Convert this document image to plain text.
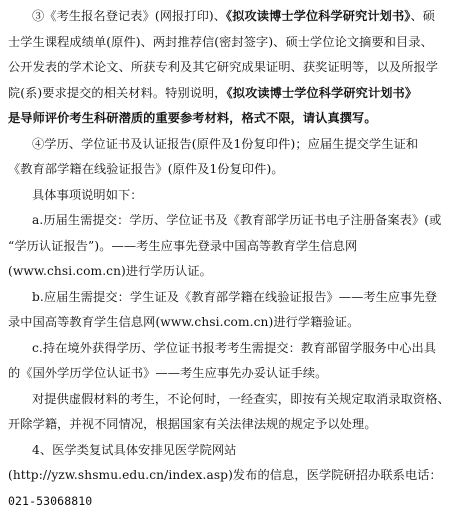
③《考生报名登记表》(网报打印)、《拟攻读博士学位科学研究计划书》、硕
士学生课程成绩单(原件)、两封推荐信(密封签字)、硕士学位论文摘要和目录、
公开发表的学术论文、所获专利及其它研究成果证明、获奖证明等，以及所报学
院(系)要求提交的相关材料。特别说明，《拟攻读博士学位科学研究计划书》
是导师评价考生科研潜质的重要参考材料，格式不限，请认真撰写。
④学历、学位证书及认证报告(原件及1份复印件)；应届生提交学生证和
《教育部学籍在线验证报告》(原件及1份复印件)。
具体事项说明如下：
a.历届生需提交：学历、学位证书及《教育部学历证书电子注册备案表》(或
“学历认证报告”)。——考生应事先登录中国高等教育学生信息网
(www.chsi.com.cn)进行学历认证。
b.应届生需提交：学生证及《教育部学籍在线验证报告》——考生应事先登
录中国高等教育学生信息网(www.chsi.com.cn)进行学籍验证。
c.持在境外获得学历、学位证书报考考生需提交：教育部留学服务中心出具
的《国外学历学位认证书》——考生应事先办妥认证手续。
对提供虚假材料的考生，不论何时，一经查实，即按有关规定取消录取资格、
开除学籍，并视不同情况，根据国家有关法律法规的规定予以处理。
4、医学类复试具体安排见医学院网站
(http://yzw.shsmu.edu.cn/index.asp)发布的信息，医学院研招办联系电话：
021-53068810
